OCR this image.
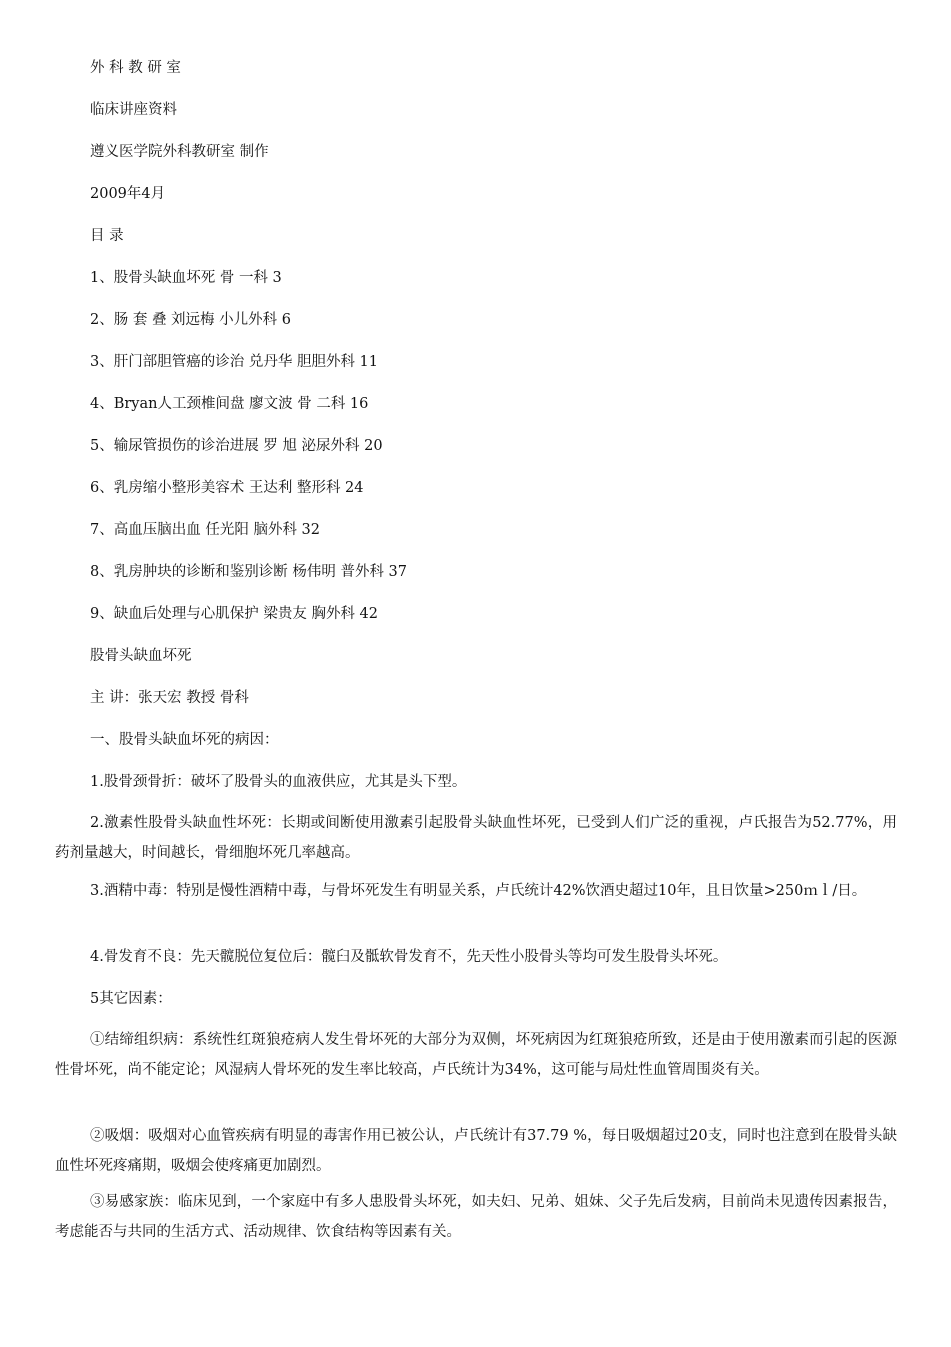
外 科 教 研 室

临床讲座资料

遵义医学院外科教研室 制作

2009年4月

目 录

1、股骨头缺血坏死 骨 一科 3

2、肠 套 叠 刘远梅 小儿外科 6

3、肝门部胆管癌的诊治 兑丹华 胆胆外科 11

4、Bryan人工颈椎间盘 廖文波 骨 二科 16

5、输尿管损伤的诊治进展 罗 旭 泌尿外科 20

6、乳房缩小整形美容术 王达利 整形科 24

7、高血压脑出血 任光阳 脑外科 32

8、乳房肿块的诊断和鉴别诊断 杨伟明 普外科 37

9、缺血后处理与心肌保护 梁贵友 胸外科 42

股骨头缺血坏死

主 讲：张天宏 教授 骨科

一、股骨头缺血坏死的病因：

1.股骨颈骨折：破坏了股骨头的血液供应，尤其是头下型。

2.激素性股骨头缺血性坏死：长期或间断使用激素引起股骨头缺血性坏死，已受到人们广泛的重视，卢氏报告为52.77%，用药剂量越大，时间越长，骨细胞坏死几率越高。

3.酒精中毒：特别是慢性酒精中毒，与骨坏死发生有明显关系，卢氏统计42%饮酒史超过10年，且日饮量>250ｍｌ/日。

4.骨发育不良：先天髋脱位复位后：髋臼及骶软骨发育不，先天性小股骨头等均可发生股骨头坏死。

5其它因素：

①结缔组织病：系统性红斑狼疮病人发生骨坏死的大部分为双侧，坏死病因为红斑狼疮所致，还是由于使用激素而引起的医源性骨坏死，尚不能定论；风湿病人骨坏死的发生率比较高，卢氏统计为34%，这可能与局灶性血管周围炎有关。

②吸烟：吸烟对心血管疾病有明显的毒害作用已被公认，卢氏统计有37.79 %，每日吸烟超过20支，同时也注意到在股骨头缺血性坏死疼痛期，吸烟会使疼痛更加剧烈。

③易感家族：临床见到，一个家庭中有多人患股骨头坏死，如夫妇、兄弟、姐妹、父子先后发病，目前尚未见遗传因素报告，考虑能否与共同的生活方式、活动规律、饮食结构等因素有关。
